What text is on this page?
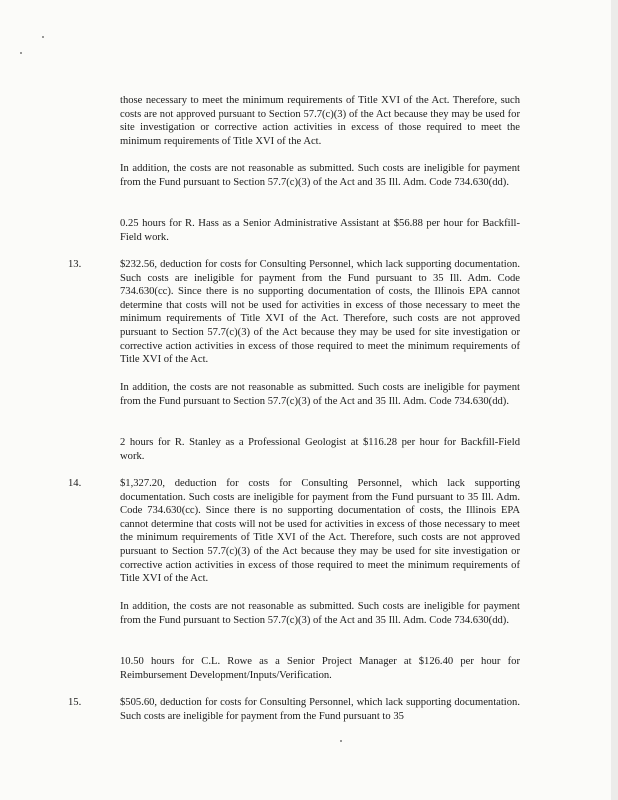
those necessary to meet the minimum requirements of Title XVI of the Act. Therefore, such costs are not approved pursuant to Section 57.7(c)(3) of the Act because they may be used for site investigation or corrective action activities in excess of those required to meet the minimum requirements of Title XVI of the Act.

In addition, the costs are not reasonable as submitted. Such costs are ineligible for payment from the Fund pursuant to Section 57.7(c)(3) of the Act and 35 Ill. Adm. Code 734.630(dd).

0.25 hours for R. Hass as a Senior Administrative Assistant at $56.88 per hour for Backfill-Field work.

13.	$232.56, deduction for costs for Consulting Personnel, which lack supporting documentation. Such costs are ineligible for payment from the Fund pursuant to 35 Ill. Adm. Code 734.630(cc). Since there is no supporting documentation of costs, the Illinois EPA cannot determine that costs will not be used for activities in excess of those necessary to meet the minimum requirements of Title XVI of the Act. Therefore, such costs are not approved pursuant to Section 57.7(c)(3) of the Act because they may be used for site investigation or corrective action activities in excess of those required to meet the minimum requirements of Title XVI of the Act.

In addition, the costs are not reasonable as submitted. Such costs are ineligible for payment from the Fund pursuant to Section 57.7(c)(3) of the Act and 35 Ill. Adm. Code 734.630(dd).

2 hours for R. Stanley as a Professional Geologist at $116.28 per hour for Backfill-Field work.

14.	$1,327.20, deduction for costs for Consulting Personnel, which lack supporting documentation. Such costs are ineligible for payment from the Fund pursuant to 35 Ill. Adm. Code 734.630(cc). Since there is no supporting documentation of costs, the Illinois EPA cannot determine that costs will not be used for activities in excess of those necessary to meet the minimum requirements of Title XVI of the Act. Therefore, such costs are not approved pursuant to Section 57.7(c)(3) of the Act because they may be used for site investigation or corrective action activities in excess of those required to meet the minimum requirements of Title XVI of the Act.

In addition, the costs are not reasonable as submitted. Such costs are ineligible for payment from the Fund pursuant to Section 57.7(c)(3) of the Act and 35 Ill. Adm. Code 734.630(dd).

10.50 hours for C.L. Rowe as a Senior Project Manager at $126.40 per hour for Reimbursement Development/Inputs/Verification.

15.	$505.60, deduction for costs for Consulting Personnel, which lack supporting documentation. Such costs are ineligible for payment from the Fund pursuant to 35
